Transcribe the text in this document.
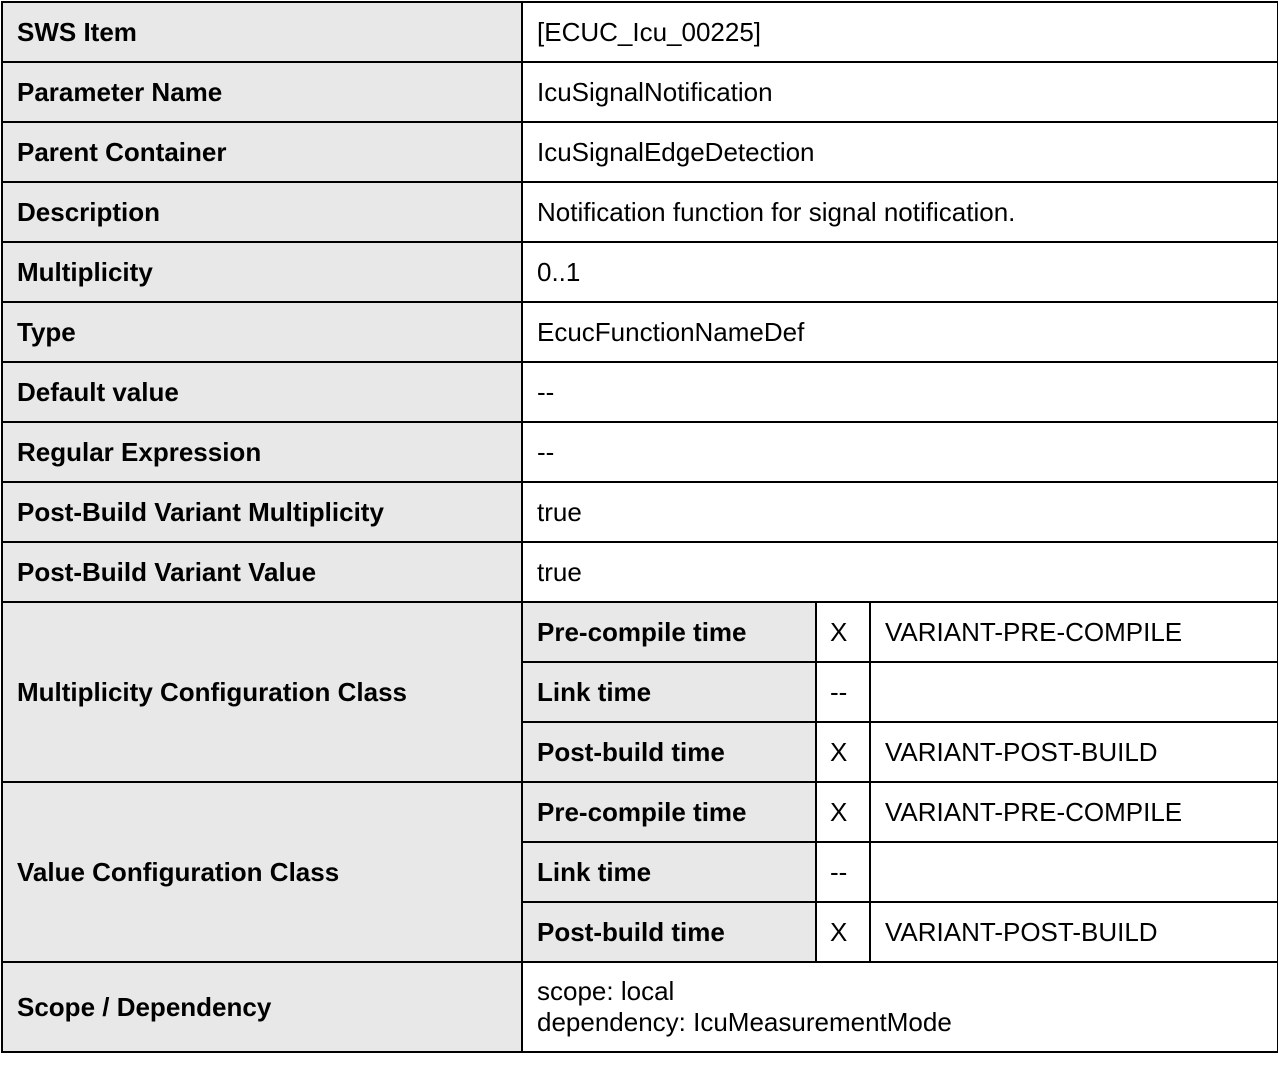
SWS Item	[ECUC_Icu_00225]		
Parameter Name	IcuSignalNotification		
Parent Container	IcuSignalEdgeDetection		
Description	Notification function for signal notification.		
Multiplicity	0..1		
Type	EcucFunctionNameDef		
Default value	--		
Regular Expression	--		
Post-Build Variant Multiplicity	true		
Post-Build Variant Value	true		
Multiplicity Configuration Class	Pre-compile time	X	VARIANT-PRE-COMPILE
	Link time	--	
	Post-build time	X	VARIANT-POST-BUILD
Value Configuration Class	Pre-compile time	X	VARIANT-PRE-COMPILE
	Link time	--	
	Post-build time	X	VARIANT-POST-BUILD
Scope / Dependency	scope: local
dependency: IcuMeasurementMode		
